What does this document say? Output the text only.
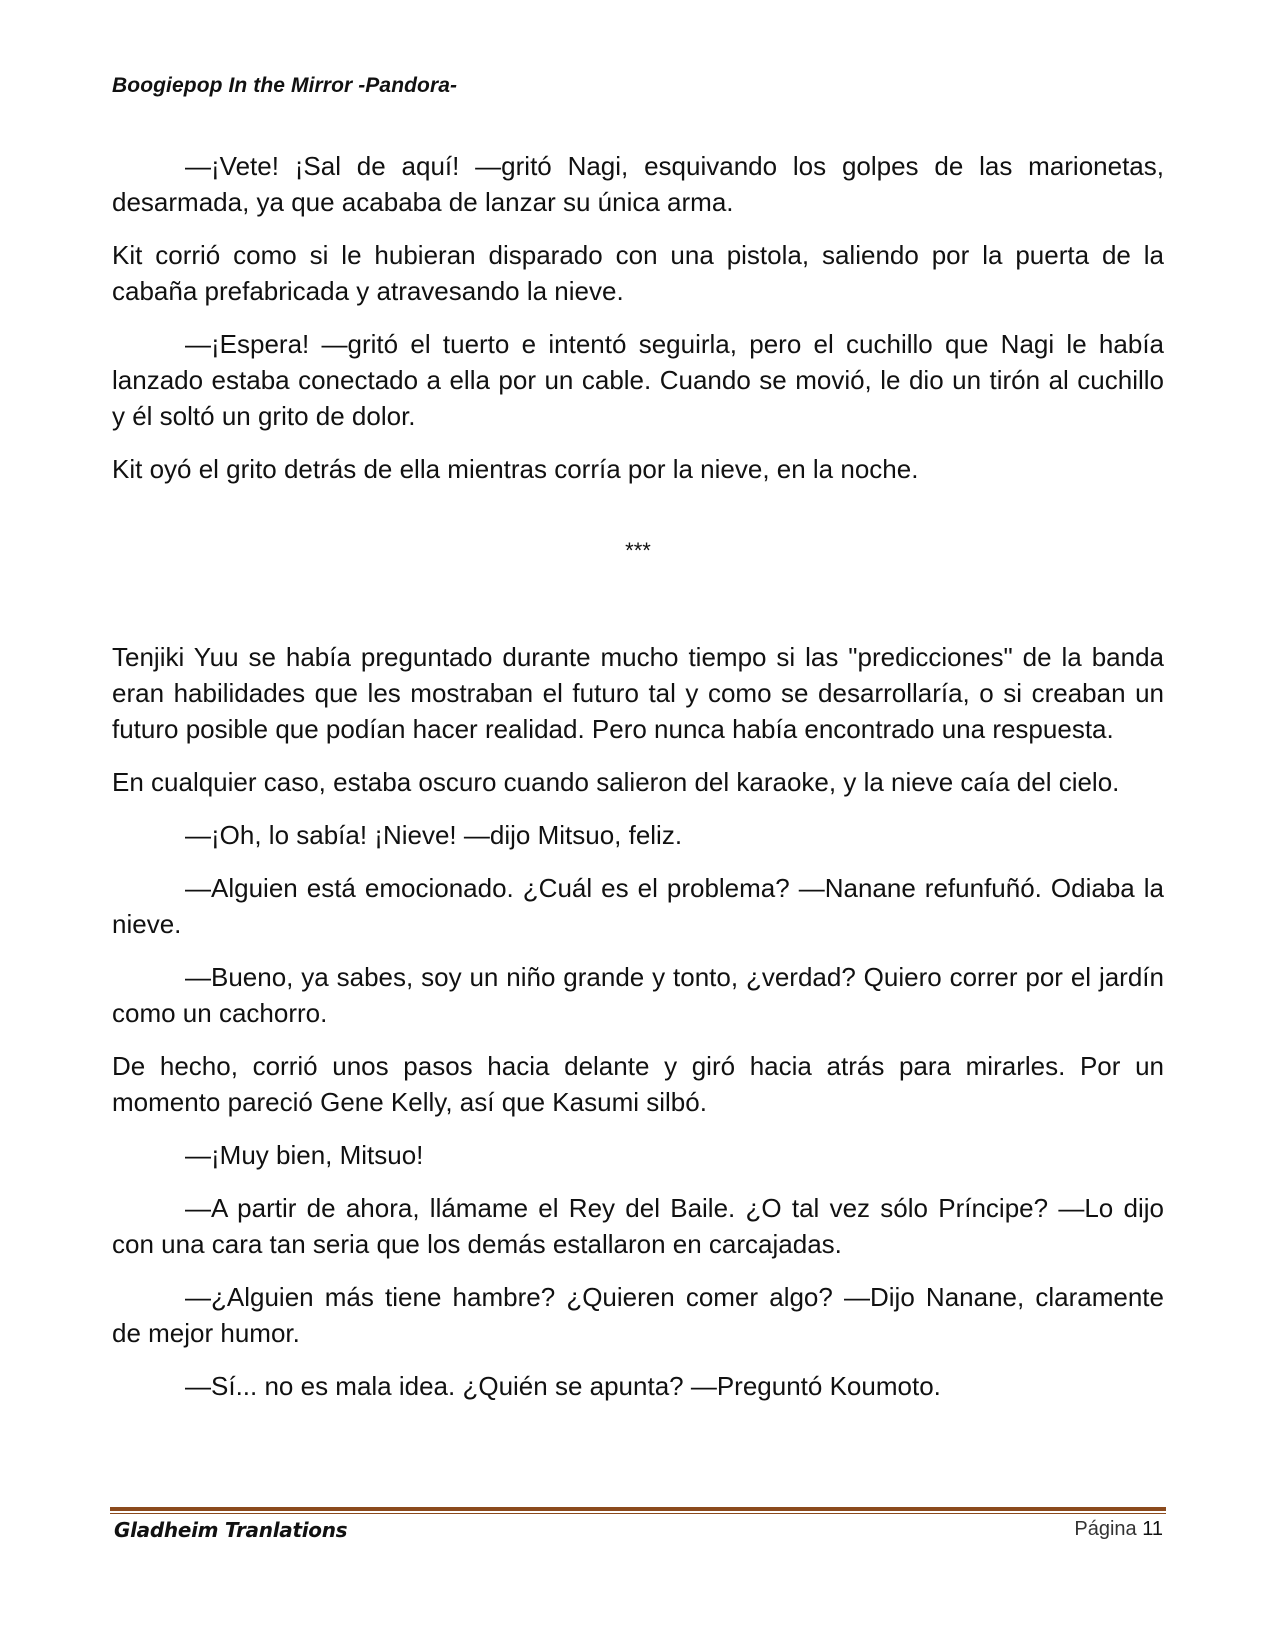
Boogiepop In the Mirror -Pandora-

—¡Vete! ¡Sal de aquí! —gritó Nagi, esquivando los golpes de las marionetas, desarmada, ya que acababa de lanzar su única arma.

Kit corrió como si le hubieran disparado con una pistola, saliendo por la puerta de la cabaña prefabricada y atravesando la nieve.

—¡Espera! —gritó el tuerto e intentó seguirla, pero el cuchillo que Nagi le había lanzado estaba conectado a ella por un cable. Cuando se movió, le dio un tirón al cuchillo y él soltó un grito de dolor.

Kit oyó el grito detrás de ella mientras corría por la nieve, en la noche.

***

Tenjiki Yuu se había preguntado durante mucho tiempo si las "predicciones" de la banda eran habilidades que les mostraban el futuro tal y como se desarrollaría, o si creaban un futuro posible que podían hacer realidad. Pero nunca había encontrado una respuesta.

En cualquier caso, estaba oscuro cuando salieron del karaoke, y la nieve caía del cielo.

—¡Oh, lo sabía! ¡Nieve! —dijo Mitsuo, feliz.

—Alguien está emocionado. ¿Cuál es el problema? —Nanane refunfuñó. Odiaba la nieve.

—Bueno, ya sabes, soy un niño grande y tonto, ¿verdad? Quiero correr por el jardín como un cachorro.

De hecho, corrió unos pasos hacia delante y giró hacia atrás para mirarles. Por un momento pareció Gene Kelly, así que Kasumi silbó.

—¡Muy bien, Mitsuo!

—A partir de ahora, llámame el Rey del Baile. ¿O tal vez sólo Príncipe? —Lo dijo con una cara tan seria que los demás estallaron en carcajadas.

—¿Alguien más tiene hambre? ¿Quieren comer algo? —Dijo Nanane, claramente de mejor humor.

—Sí... no es mala idea. ¿Quién se apunta? —Preguntó Koumoto.

Gladheim Tranlations	Página 11
